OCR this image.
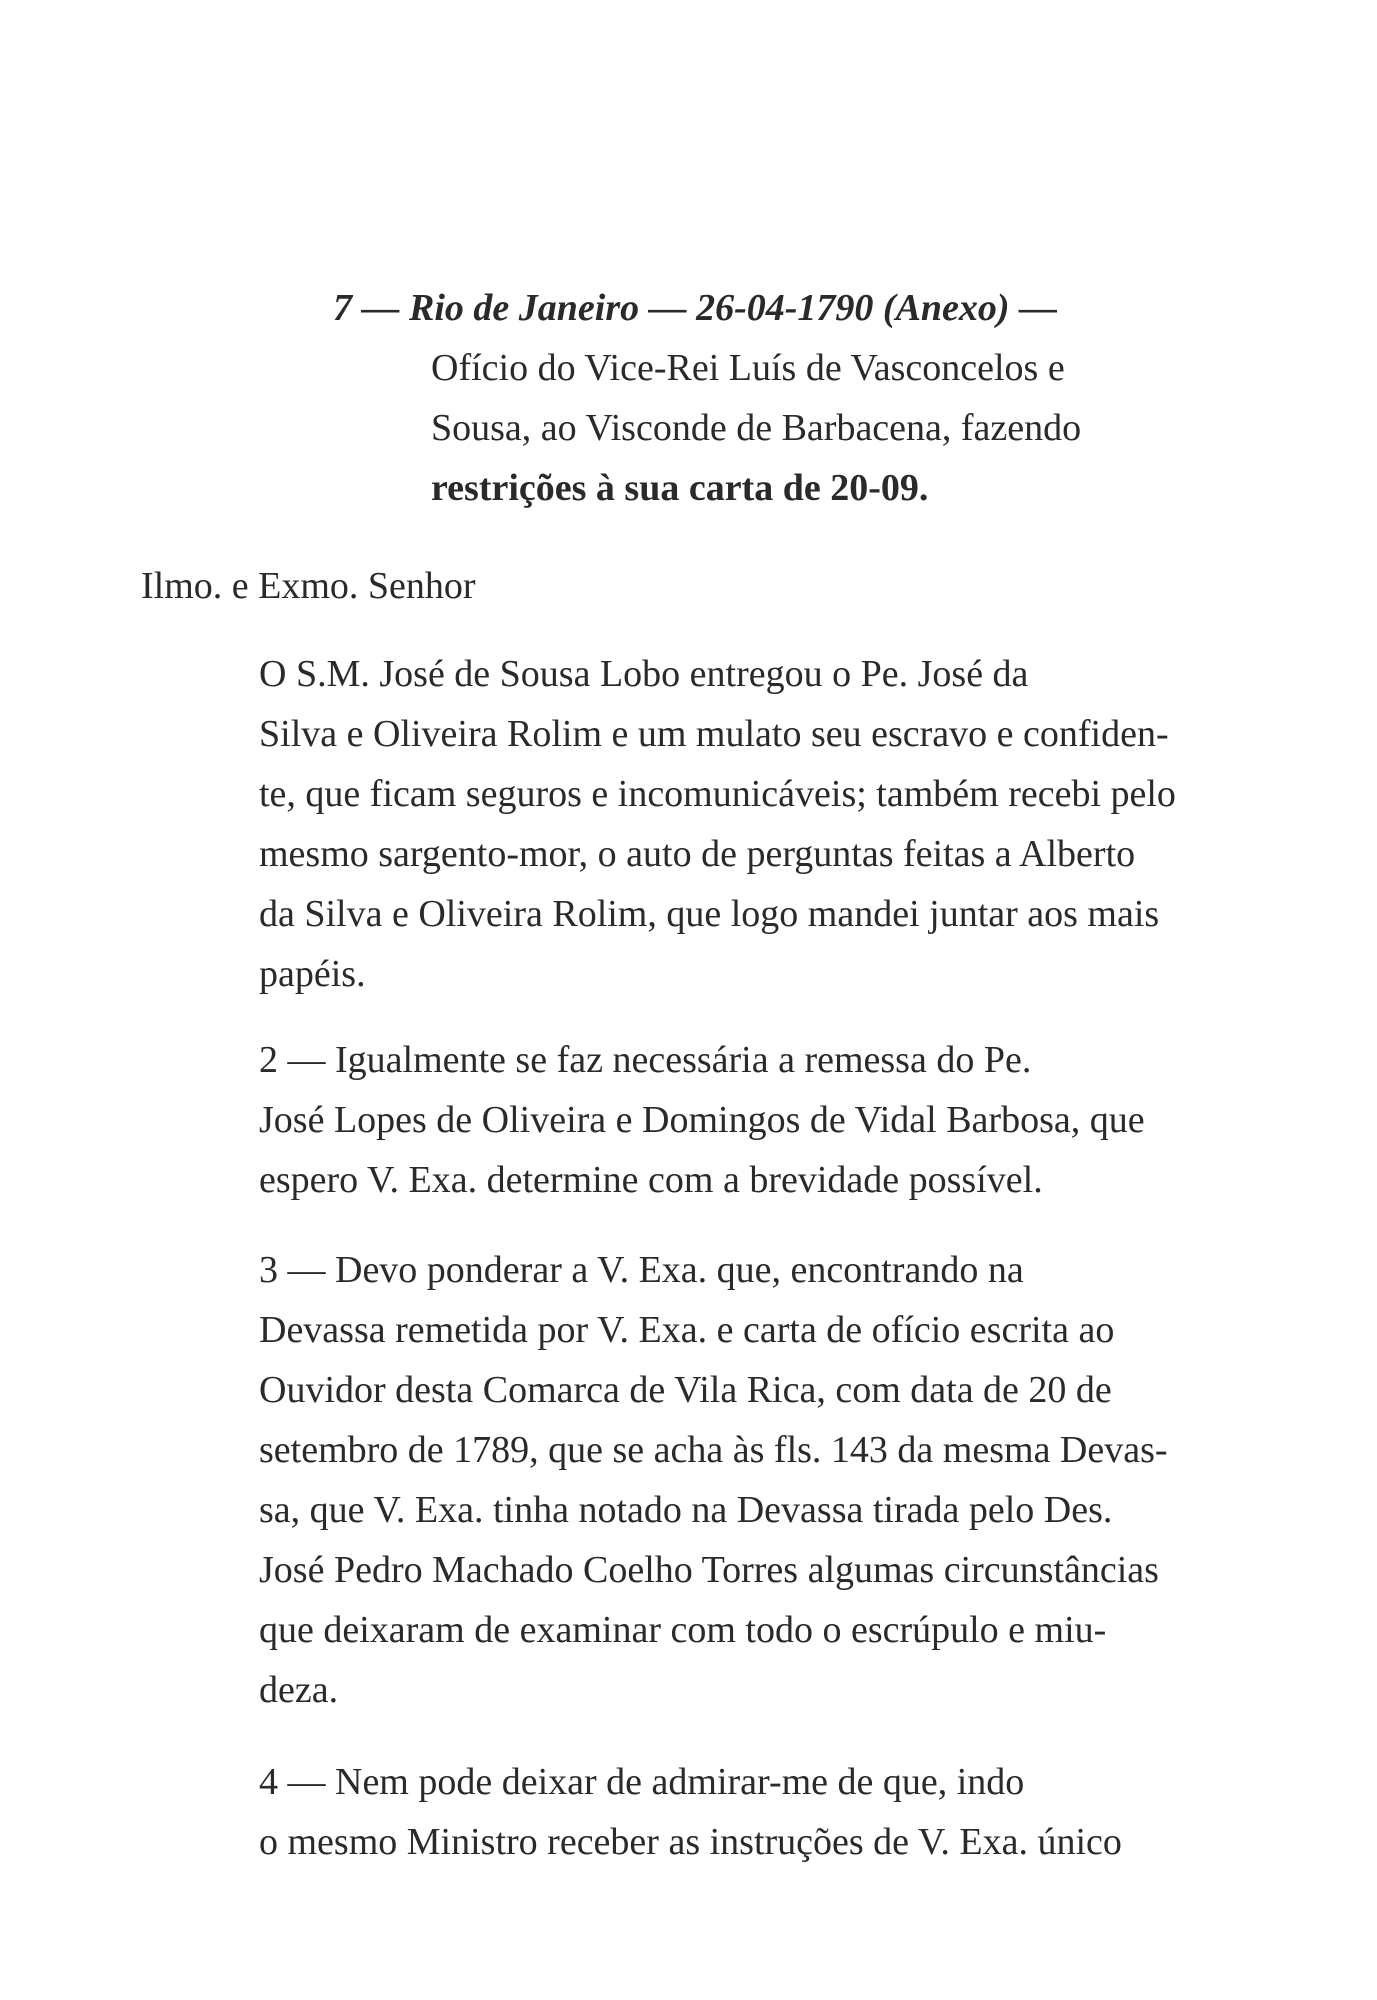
7 — Rio de Janeiro — 26-04-1790 (Anexo) —
Ofício do Vice-Rei Luís de Vasconcelos e
Sousa, ao Visconde de Barbacena, fazendo
restrições à sua carta de 20-09.
Ilmo. e Exmo. Senhor
O S.M. José de Sousa Lobo entregou o Pe. José da
Silva e Oliveira Rolim e um mulato seu escravo e confiden-
te, que ficam seguros e incomunicáveis; também recebi pelo
mesmo sargento-mor, o auto de perguntas feitas a Alberto
da Silva e Oliveira Rolim, que logo mandei juntar aos mais
papéis.
2 — Igualmente se faz necessária a remessa do Pe.
José Lopes de Oliveira e Domingos de Vidal Barbosa, que
espero V. Exa. determine com a brevidade possível.
3 — Devo ponderar a V. Exa. que, encontrando na
Devassa remetida por V. Exa. e carta de ofício escrita ao
Ouvidor desta Comarca de Vila Rica, com data de 20 de
setembro de 1789, que se acha às fls. 143 da mesma Devas-
sa, que V. Exa. tinha notado na Devassa tirada pelo Des.
José Pedro Machado Coelho Torres algumas circunstâncias
que deixaram de examinar com todo o escrúpulo e miu-
deza.
4 — Nem pode deixar de admirar-me de que, indo
o mesmo Ministro receber as instruções de V. Exa. único
